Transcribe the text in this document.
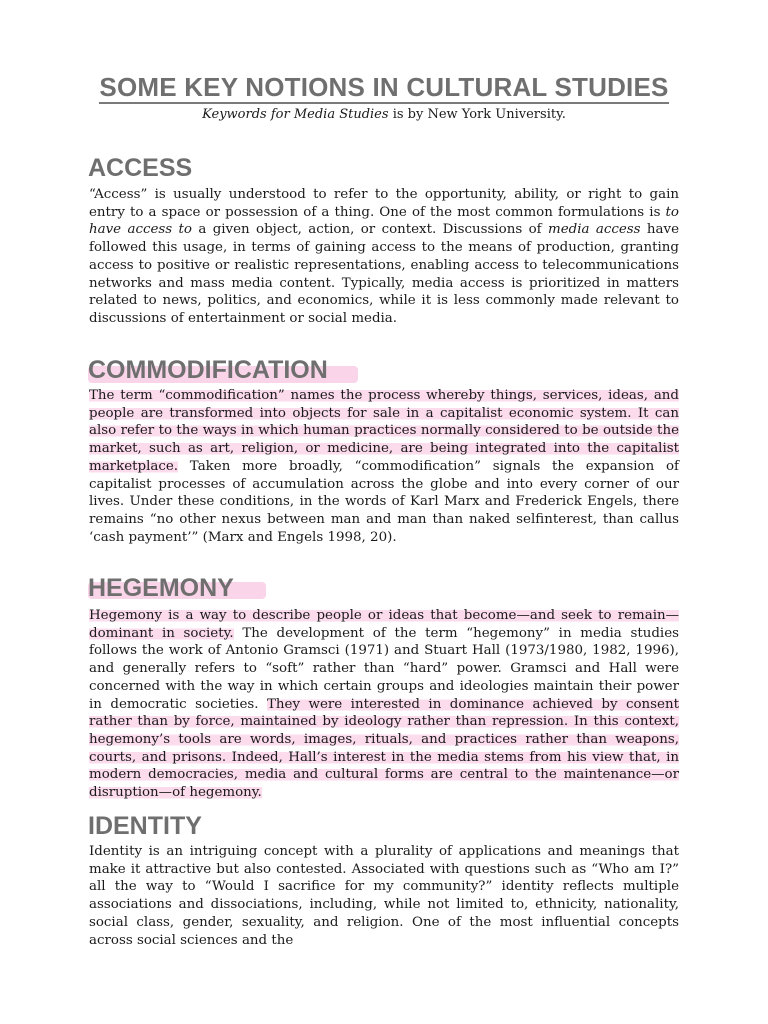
SOME KEY NOTIONS IN CULTURAL STUDIES
Keywords for Media Studies is by New York University.
ACCESS

“Access” is usually understood to refer to the opportunity, ability, or right to gain entry to a space or possession of a thing. One of the most common formulations is to have access to a given object, action, or context. Discussions of media access have followed this usage, in terms of gaining access to the means of production, granting access to positive or realistic representations, enabling access to telecommunications networks and mass media content. Typically, media access is prioritized in matters related to news, politics, and economics, while it is less commonly made relevant to discussions of entertainment or social media.

COMMODIFICATION

The term “commodification” names the process whereby things, services, ideas, and people are transformed into objects for sale in a capitalist economic system. It can also refer to the ways in which human practices normally considered to be outside the market, such as art, religion, or medicine, are being integrated into the capitalist marketplace. Taken more broadly, “commodification” signals the expansion of capitalist processes of accumulation across the globe and into every corner of our lives. Under these conditions, in the words of Karl Marx and Frederick Engels, there remains “no other nexus between man and man than naked selfinterest, than callus ‘cash payment’” (Marx and Engels 1998, 20).

HEGEMONY

Hegemony is a way to describe people or ideas that become—and seek to remain—dominant in society. The development of the term “hegemony” in media studies follows the work of Antonio Gramsci (1971) and Stuart Hall (1973/1980, 1982, 1996), and generally refers to “soft” rather than “hard” power. Gramsci and Hall were concerned with the way in which certain groups and ideologies maintain their power in democratic societies. They were interested in dominance achieved by consent rather than by force, maintained by ideology rather than repression. In this context, hegemony’s tools are words, images, rituals, and practices rather than weapons, courts, and prisons. Indeed, Hall’s interest in the media stems from his view that, in modern democracies, media and cultural forms are central to the maintenance—or disruption—of hegemony.

IDENTITY

Identity is an intriguing concept with a plurality of applications and meanings that make it attractive but also contested. Associated with questions such as “Who am I?” all the way to “Would I sacrifice for my community?” identity reflects multiple associations and dissociations, including, while not limited to, ethnicity, nationality, social class, gender, sexuality, and religion. One of the most influential concepts across social sciences and the
